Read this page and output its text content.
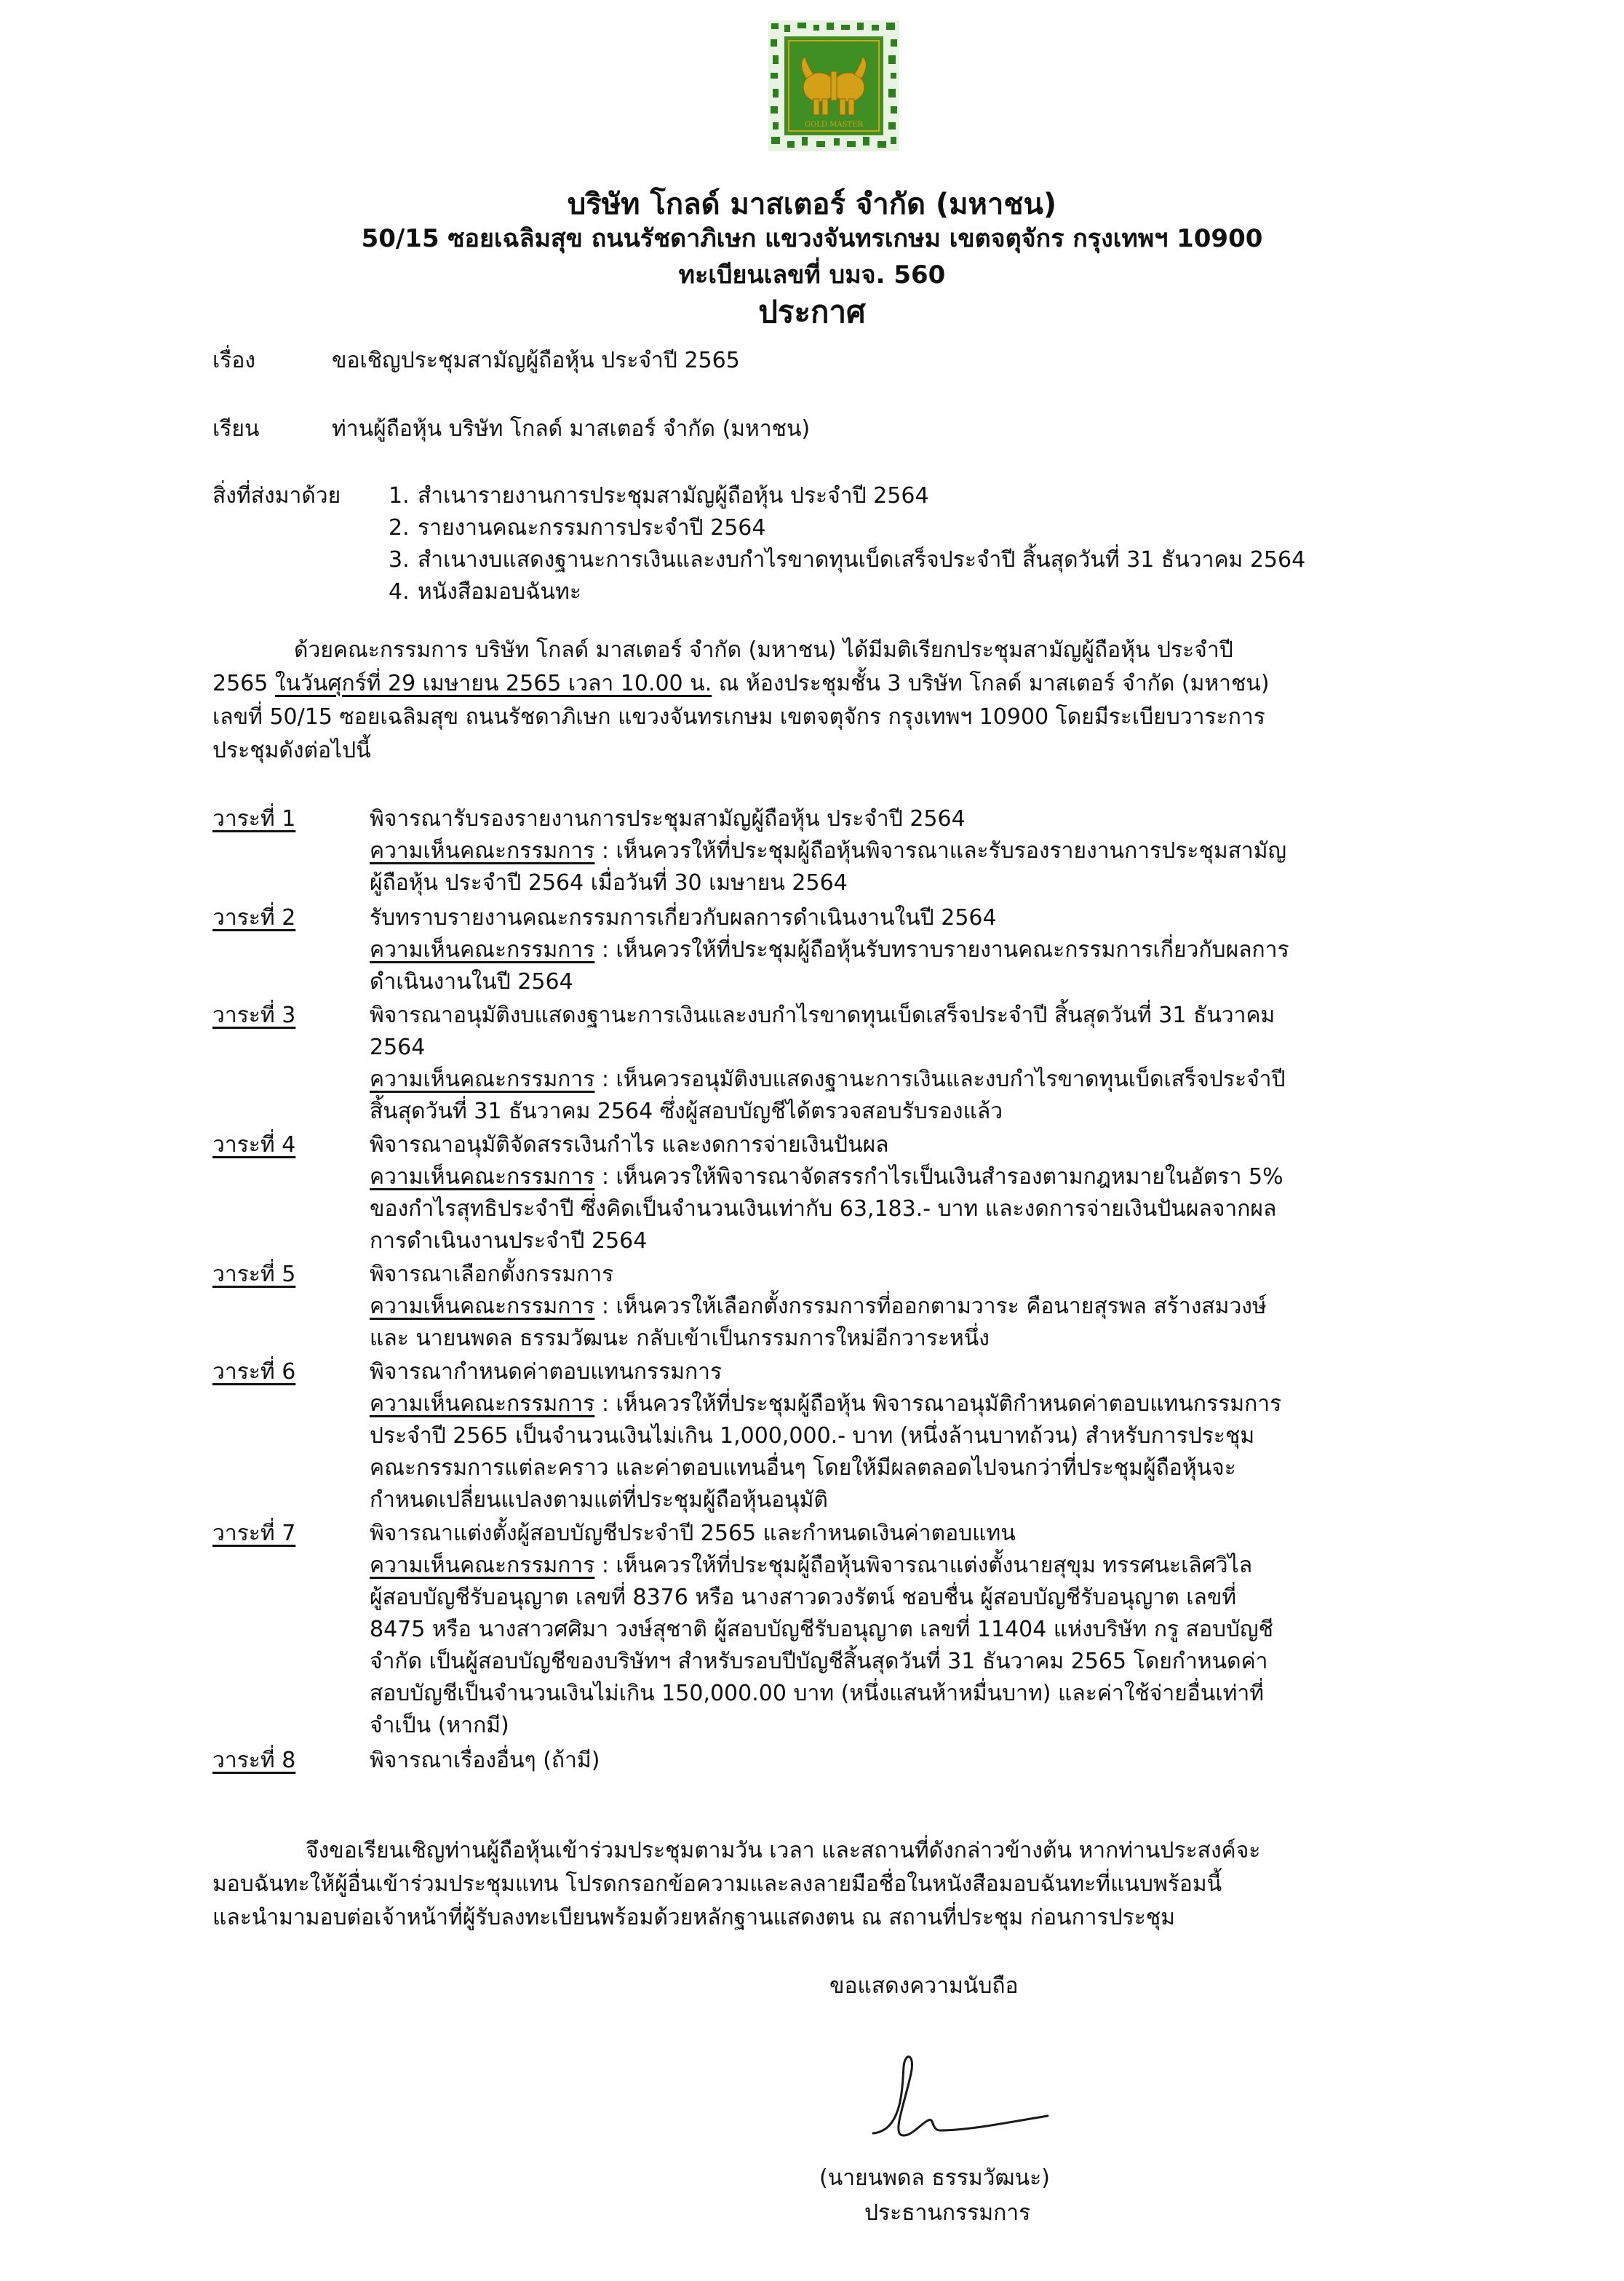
GOLD MASTER
บริษัท โกลด์ มาสเตอร์ จำกัด (มหาชน)
50/15 ซอยเฉลิมสุข ถนนรัชดาภิเษก แขวงจันทรเกษม เขตจตุจักร กรุงเทพฯ 10900
ทะเบียนเลขที่ บมจ. 560
ประกาศ
เรื่อง	ขอเชิญประชุมสามัญผู้ถือหุ้น ประจำปี 2565
เรียน	ท่านผู้ถือหุ้น บริษัท โกลด์ มาสเตอร์ จำกัด (มหาชน)
สิ่งที่ส่งมาด้วย 1. สำเนารายงานการประชุมสามัญผู้ถือหุ้น ประจำปี 2564
2. รายงานคณะกรรมการประจำปี 2564
3. สำเนางบแสดงฐานะการเงินและงบกำไรขาดทุนเบ็ดเสร็จประจำปี สิ้นสุดวันที่ 31 ธันวาคม 2564
4. หนังสือมอบฉันทะ
ด้วยคณะกรรมการ บริษัท โกลด์ มาสเตอร์ จำกัด (มหาชน) ได้มีมติเรียกประชุมสามัญผู้ถือหุ้น ประจำปี
2565 ในวันศุกร์ที่ 29 เมษายน 2565 เวลา 10.00 น. ณ ห้องประชุมชั้น 3 บริษัท โกลด์ มาสเตอร์ จำกัด (มหาชน)
เลขที่ 50/15 ซอยเฉลิมสุข ถนนรัชดาภิเษก แขวงจันทรเกษม เขตจตุจักร กรุงเทพฯ 10900 โดยมีระเบียบวาระการ
ประชุมดังต่อไปนี้
วาระที่ 1	พิจารณารับรองรายงานการประชุมสามัญผู้ถือหุ้น ประจำปี 2564
ความเห็นคณะกรรมการ : เห็นควรให้ที่ประชุมผู้ถือหุ้นพิจารณาและรับรองรายงานการประชุมสามัญ
ผู้ถือหุ้น ประจำปี 2564 เมื่อวันที่ 30 เมษายน 2564
วาระที่ 2	รับทราบรายงานคณะกรรมการเกี่ยวกับผลการดำเนินงานในปี 2564
ความเห็นคณะกรรมการ : เห็นควรให้ที่ประชุมผู้ถือหุ้นรับทราบรายงานคณะกรรมการเกี่ยวกับผลการ
ดำเนินงานในปี 2564
วาระที่ 3	พิจารณาอนุมัติงบแสดงฐานะการเงินและงบกำไรขาดทุนเบ็ดเสร็จประจำปี สิ้นสุดวันที่ 31 ธันวาคม
2564
ความเห็นคณะกรรมการ : เห็นควรอนุมัติงบแสดงฐานะการเงินและงบกำไรขาดทุนเบ็ดเสร็จประจำปี
สิ้นสุดวันที่ 31 ธันวาคม 2564 ซึ่งผู้สอบบัญชีได้ตรวจสอบรับรองแล้ว
วาระที่ 4	พิจารณาอนุมัติจัดสรรเงินกำไร และงดการจ่ายเงินปันผล
ความเห็นคณะกรรมการ : เห็นควรให้พิจารณาจัดสรรกำไรเป็นเงินสำรองตามกฎหมายในอัตรา 5%
ของกำไรสุทธิประจำปี ซึ่งคิดเป็นจำนวนเงินเท่ากับ 63,183.- บาท และงดการจ่ายเงินปันผลจากผล
การดำเนินงานประจำปี 2564
วาระที่ 5	พิจารณาเลือกตั้งกรรมการ
ความเห็นคณะกรรมการ : เห็นควรให้เลือกตั้งกรรมการที่ออกตามวาระ คือนายสุรพล สร้างสมวงษ์
และ นายนพดล ธรรมวัฒนะ กลับเข้าเป็นกรรมการใหม่อีกวาระหนึ่ง
วาระที่ 6	พิจารณากำหนดค่าตอบแทนกรรมการ
ความเห็นคณะกรรมการ : เห็นควรให้ที่ประชุมผู้ถือหุ้น พิจารณาอนุมัติกำหนดค่าตอบแทนกรรมการ
ประจำปี 2565 เป็นจำนวนเงินไม่เกิน 1,000,000.- บาท (หนึ่งล้านบาทถ้วน) สำหรับการประชุม
คณะกรรมการแต่ละคราว และค่าตอบแทนอื่นๆ โดยให้มีผลตลอดไปจนกว่าที่ประชุมผู้ถือหุ้นจะ
กำหนดเปลี่ยนแปลงตามแต่ที่ประชุมผู้ถือหุ้นอนุมัติ
วาระที่ 7	พิจารณาแต่งตั้งผู้สอบบัญชีประจำปี 2565 และกำหนดเงินค่าตอบแทน
ความเห็นคณะกรรมการ : เห็นควรให้ที่ประชุมผู้ถือหุ้นพิจารณาแต่งตั้งนายสุขุม ทรรศนะเลิศวิไล
ผู้สอบบัญชีรับอนุญาต เลขที่ 8376 หรือ นางสาวดวงรัตน์ ชอบชื่น ผู้สอบบัญชีรับอนุญาต เลขที่
8475 หรือ นางสาวศศิมา วงษ์สุชาติ ผู้สอบบัญชีรับอนุญาต เลขที่ 11404 แห่งบริษัท กรู สอบบัญชี
จำกัด เป็นผู้สอบบัญชีของบริษัทฯ สำหรับรอบปีบัญชีสิ้นสุดวันที่ 31 ธันวาคม 2565 โดยกำหนดค่า
สอบบัญชีเป็นจำนวนเงินไม่เกิน 150,000.00 บาท (หนึ่งแสนห้าหมื่นบาท) และค่าใช้จ่ายอื่นเท่าที่
จำเป็น (หากมี)
วาระที่ 8	พิจารณาเรื่องอื่นๆ (ถ้ามี)
จึงขอเรียนเชิญท่านผู้ถือหุ้นเข้าร่วมประชุมตามวัน เวลา และสถานที่ดังกล่าวข้างต้น หากท่านประสงค์จะ
มอบฉันทะให้ผู้อื่นเข้าร่วมประชุมแทน โปรดกรอกข้อความและลงลายมือชื่อในหนังสือมอบฉันทะที่แนบพร้อมนี้
และนำมามอบต่อเจ้าหน้าที่ผู้รับลงทะเบียนพร้อมด้วยหลักฐานแสดงตน ณ สถานที่ประชุม ก่อนการประชุม
ขอแสดงความนับถือ
(นายนพดล ธรรมวัฒนะ)
ประธานกรรมการ
